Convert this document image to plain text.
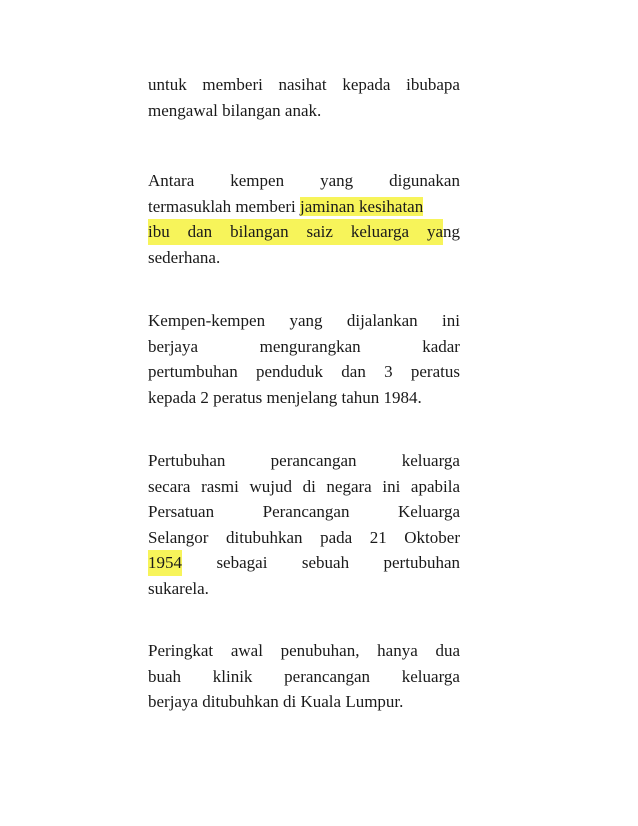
untuk memberi nasihat kepada ibubapa
mengawal bilangan anak.
Antara kempen yang digunakan
termasuklah memberi jaminan kesihatan
ibu dan bilangan saiz keluarga ya ng
sederhana.
Kempen-kempen yang dijalankan ini
berjaya	mengurangkan	kadar
pertumbuhan penduduk dan 3 peratus
kepada 2 peratus menjelang tahun 1984.
Pertubuhan	perancangan	keluarga
secara rasmi wujud di negara ini apabila
Persatuan	Perancangan	Keluarga
Selangor ditubuhkan pada 21 Oktober
1954 sebagai sebuah pertubuhan
sukarela.
Peringkat awal penubuhan, hanya dua
buah klinik perancangan keluarga
berjaya ditubuhkan di Kuala Lumpur.
